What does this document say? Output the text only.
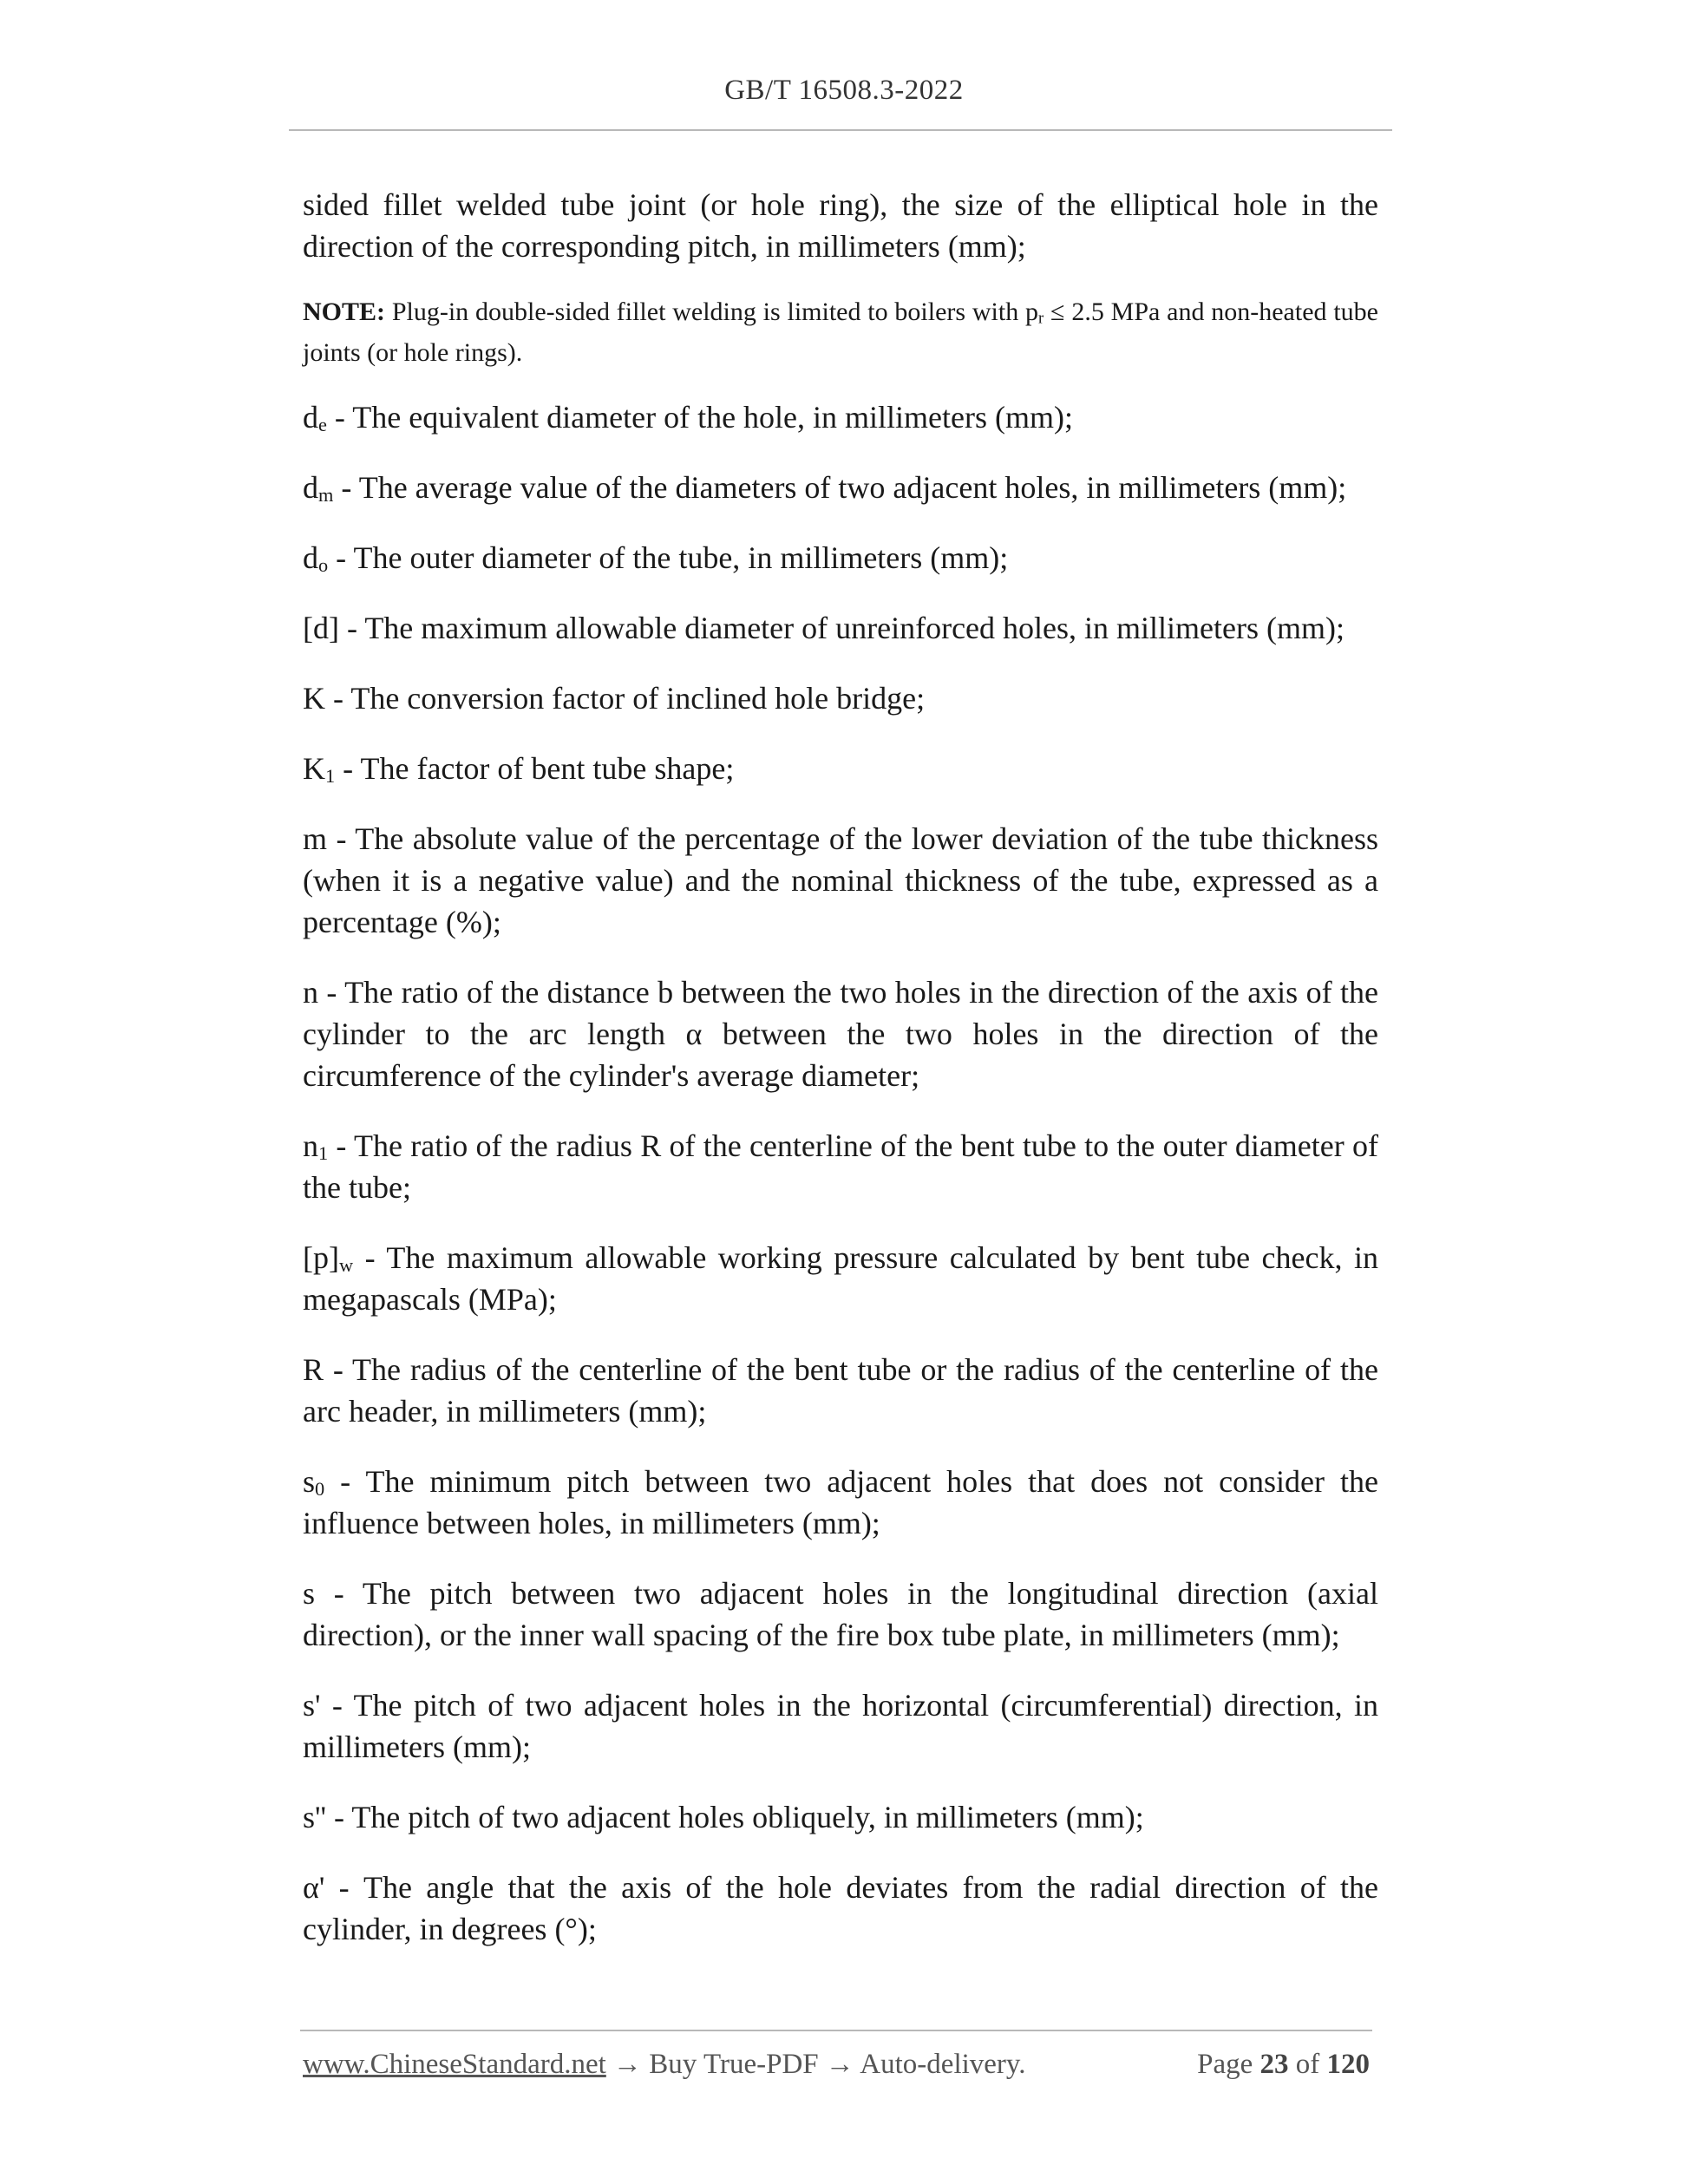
GB/T 16508.3-2022

sided fillet welded tube joint (or hole ring), the size of the elliptical hole in the direction of the corresponding pitch, in millimeters (mm);

NOTE: Plug-in double-sided fillet welding is limited to boilers with $p_r \le 2.5$ MPa and non-heated tube joints (or hole rings).

$d_e$ - The equivalent diameter of the hole, in millimeters (mm);

$d_m$ - The average value of the diameters of two adjacent holes, in millimeters (mm);

$d_o$ - The outer diameter of the tube, in millimeters (mm);

[d] - The maximum allowable diameter of unreinforced holes, in millimeters (mm);

K - The conversion factor of inclined hole bridge;

$K_1$ - The factor of bent tube shape;

m - The absolute value of the percentage of the lower deviation of the tube thickness (when it is a negative value) and the nominal thickness of the tube, expressed as a percentage (%);

n - The ratio of the distance b between the two holes in the direction of the axis of the cylinder to the arc length α between the two holes in the direction of the circumference of the cylinder's average diameter;

$n_1$ - The ratio of the radius R of the centerline of the bent tube to the outer diameter of the tube;

$[p]_w$ - The maximum allowable working pressure calculated by bent tube check, in megapascals (MPa);

R - The radius of the centerline of the bent tube or the radius of the centerline of the arc header, in millimeters (mm);

$s_0$ - The minimum pitch between two adjacent holes that does not consider the influence between holes, in millimeters (mm);

s - The pitch between two adjacent holes in the longitudinal direction (axial direction), or the inner wall spacing of the fire box tube plate, in millimeters (mm);

s' - The pitch of two adjacent holes in the horizontal (circumferential) direction, in millimeters (mm);

s'' - The pitch of two adjacent holes obliquely, in millimeters (mm);

α' - The angle that the axis of the hole deviates from the radial direction of the cylinder, in degrees (°);

www.ChineseStandard.net → Buy True-PDF → Auto-delivery.	Page 23 of 120
